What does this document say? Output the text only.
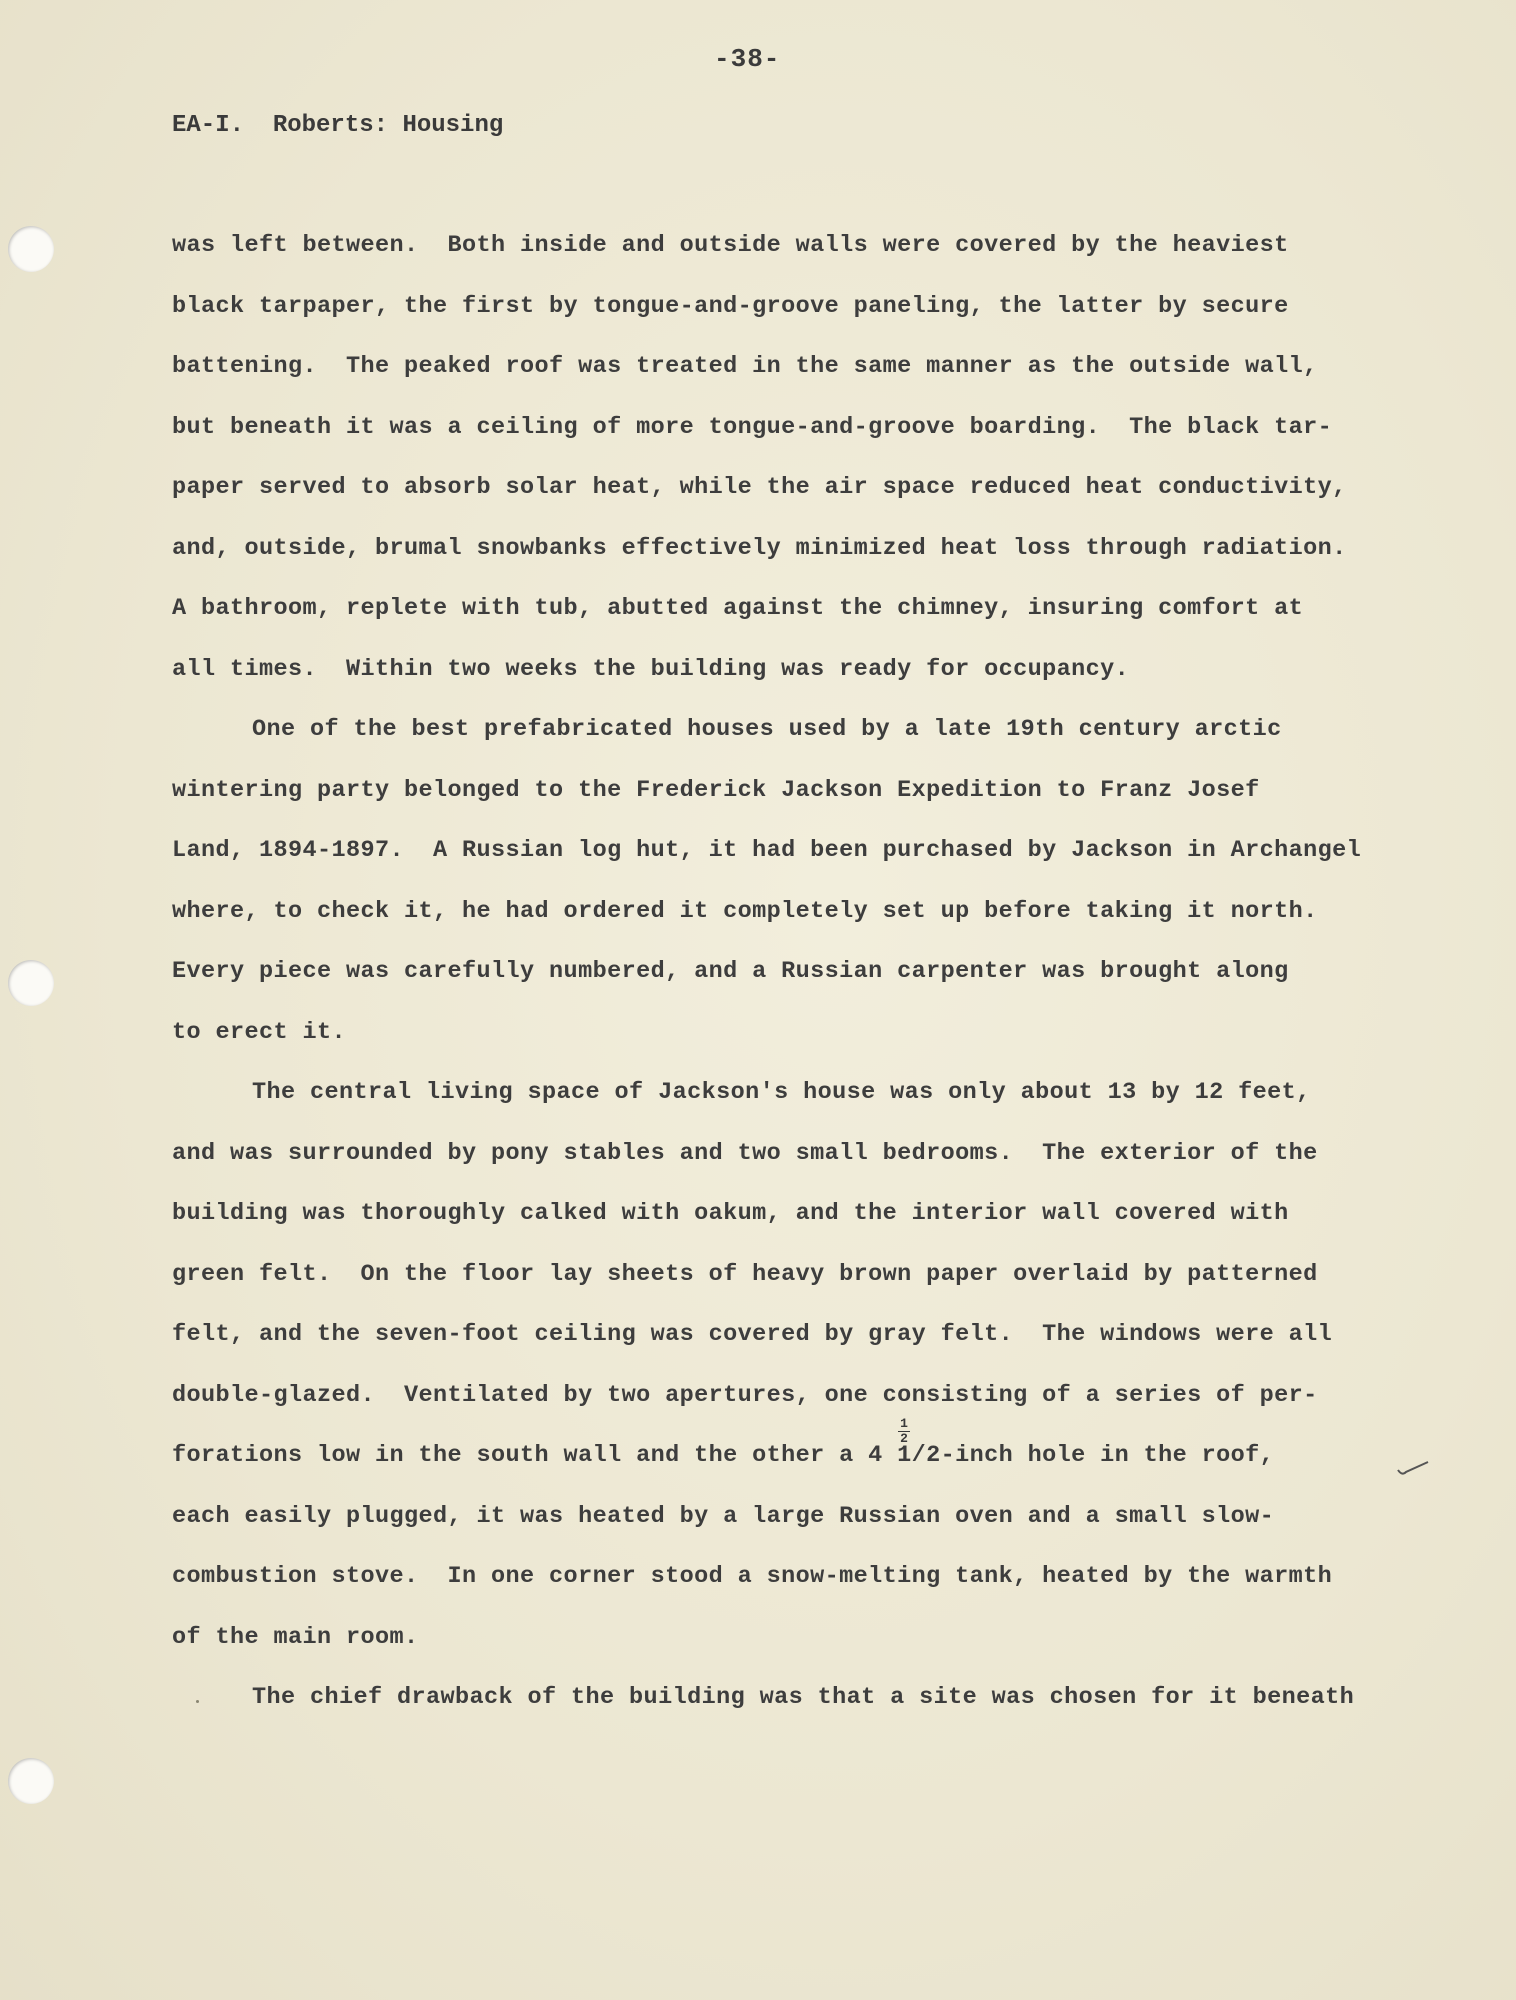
-38-
EA-I.  Roberts: Housing
1
2
was left between.  Both inside and outside walls were covered by the heaviest
black tarpaper, the first by tongue-and-groove paneling, the latter by secure
battening.  The peaked roof was treated in the same manner as the outside wall,
but beneath it was a ceiling of more tongue-and-groove boarding.  The black tar-
paper served to absorb solar heat, while the air space reduced heat conductivity,
and, outside, brumal snowbanks effectively minimized heat loss through radiation.
A bathroom, replete with tub, abutted against the chimney, insuring comfort at
all times.  Within two weeks the building was ready for occupancy.
One of the best prefabricated houses used by a late 19th century arctic
wintering party belonged to the Frederick Jackson Expedition to Franz Josef
Land, 1894-1897.  A Russian log hut, it had been purchased by Jackson in Archangel
where, to check it, he had ordered it completely set up before taking it north.
Every piece was carefully numbered, and a Russian carpenter was brought along
to erect it.
The central living space of Jackson's house was only about 13 by 12 feet,
and was surrounded by pony stables and two small bedrooms.  The exterior of the
building was thoroughly calked with oakum, and the interior wall covered with
green felt.  On the floor lay sheets of heavy brown paper overlaid by patterned
felt, and the seven-foot ceiling was covered by gray felt.  The windows were all
double-glazed.  Ventilated by two apertures, one consisting of a series of per-
forations low in the south wall and the other a 4 1/2-inch hole in the roof,
each easily plugged, it was heated by a large Russian oven and a small slow-
combustion stove.  In one corner stood a snow-melting tank, heated by the warmth
of the main room.
The chief drawback of the building was that a site was chosen for it beneath
